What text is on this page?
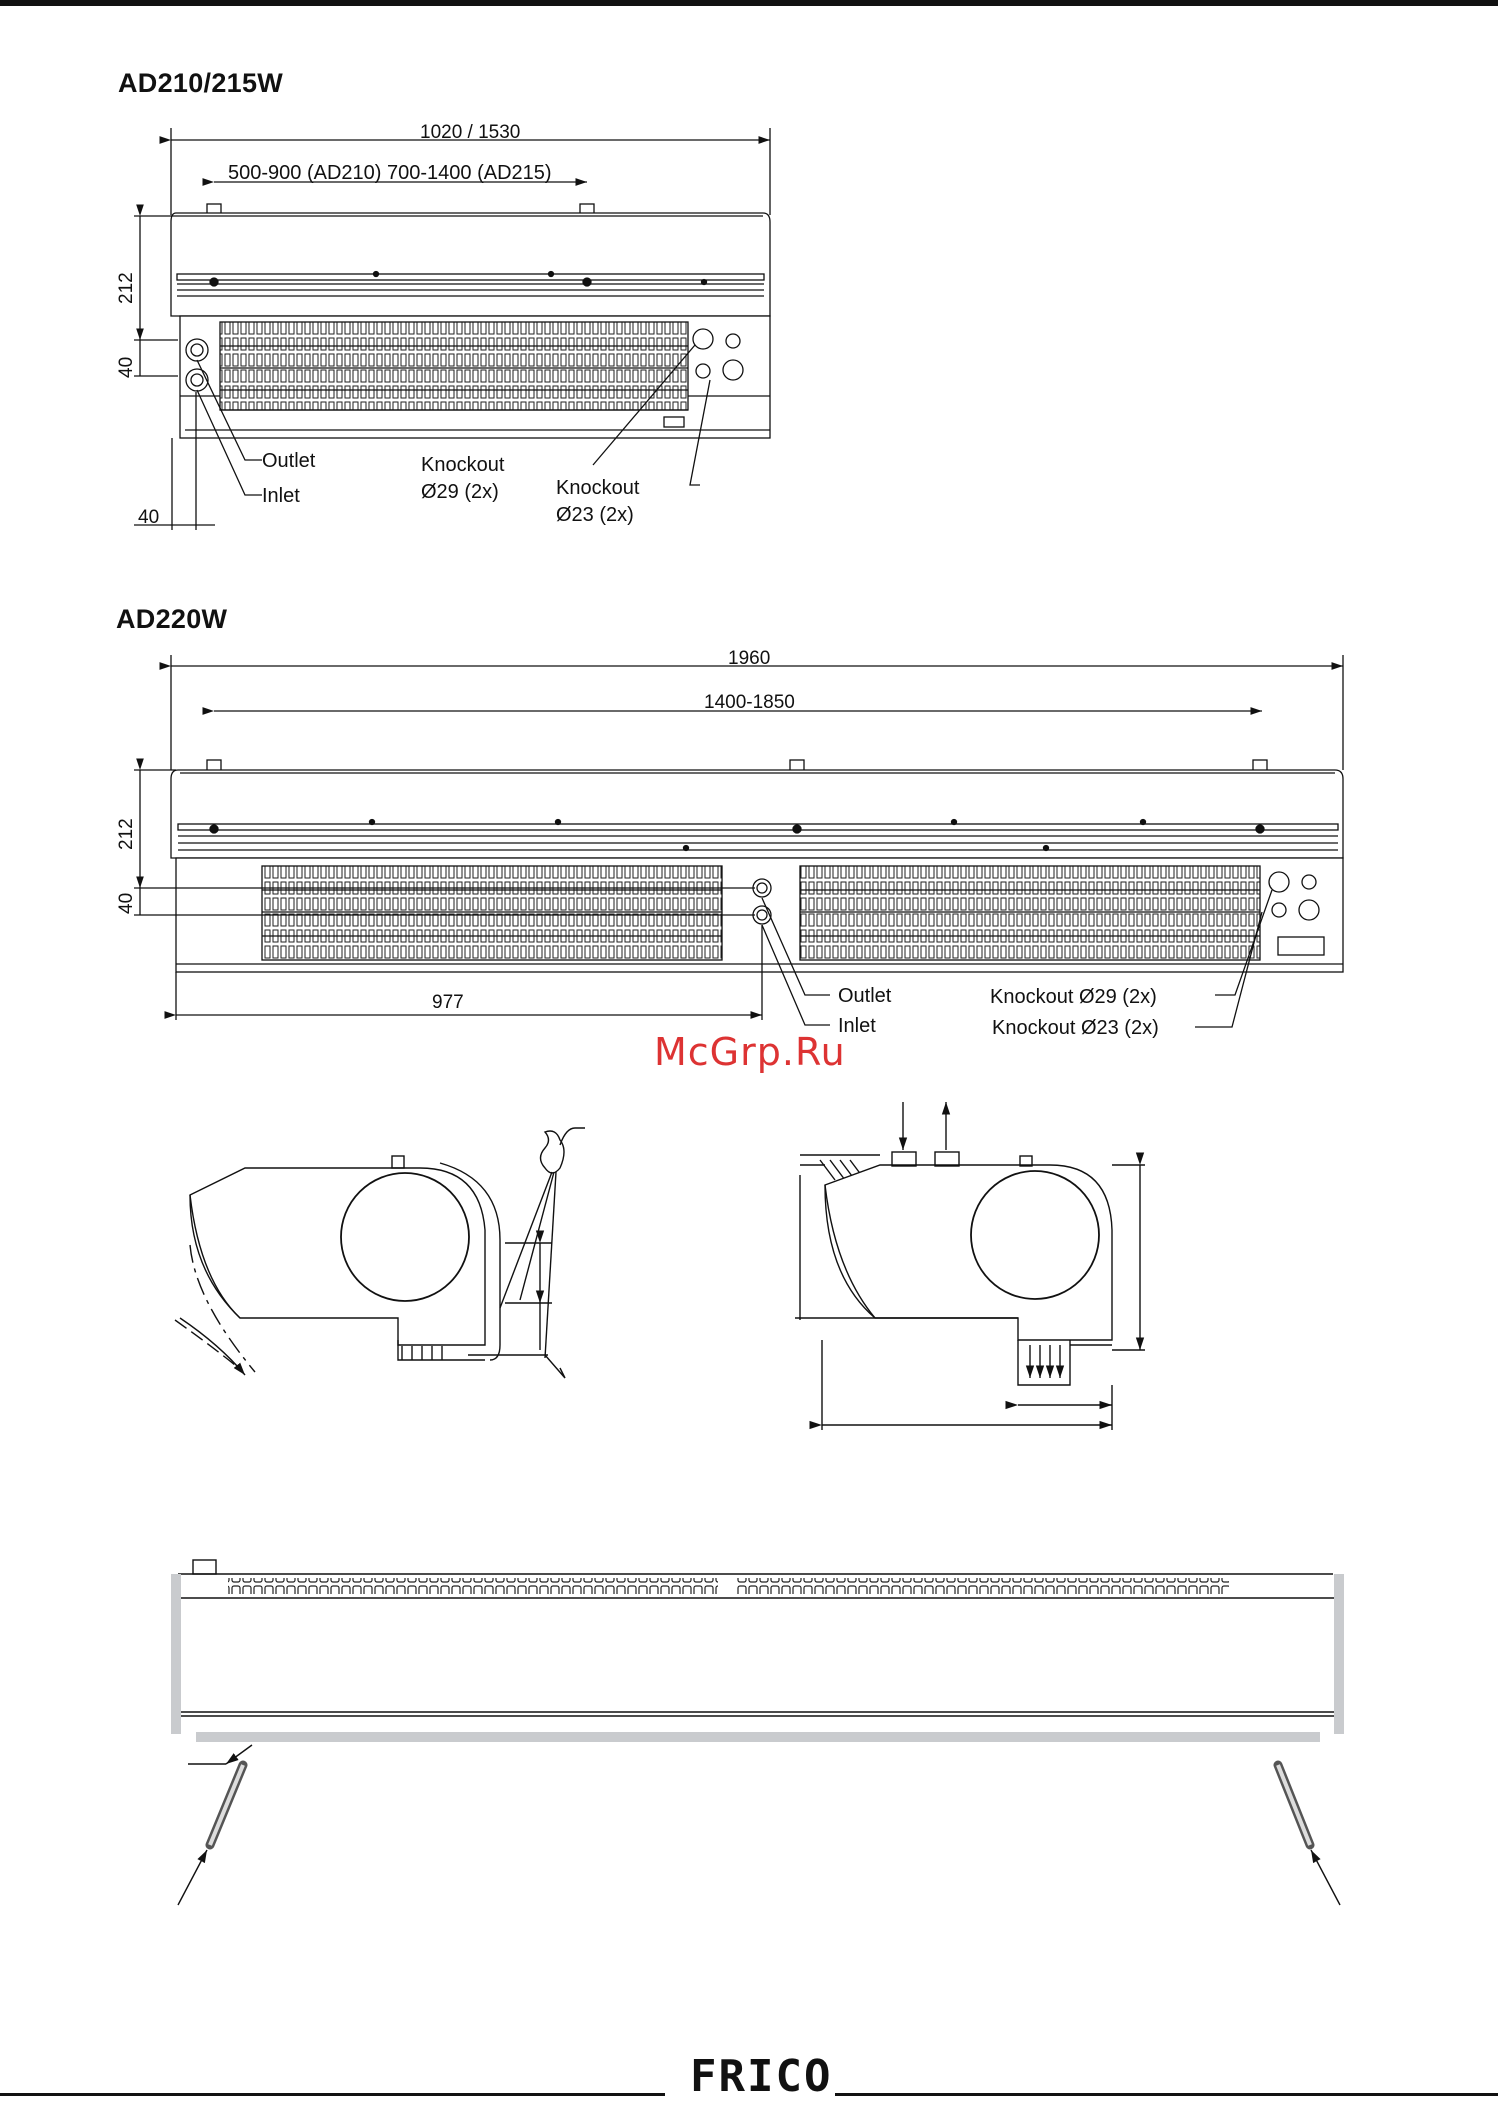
AD210/215W
AD220W
1020 / 1530
500-900 (AD210) 700-1400 (AD215)
212
40
40
Outlet
Inlet
Knockout
Ø29 (2x)	Knockout
Ø23 (2x)
1960
1400-1850
212
40
977	Outlet
Inlet
Knockout Ø29 (2x)
Knockout Ø23 (2x)
McGrp.Ru
FRICO
